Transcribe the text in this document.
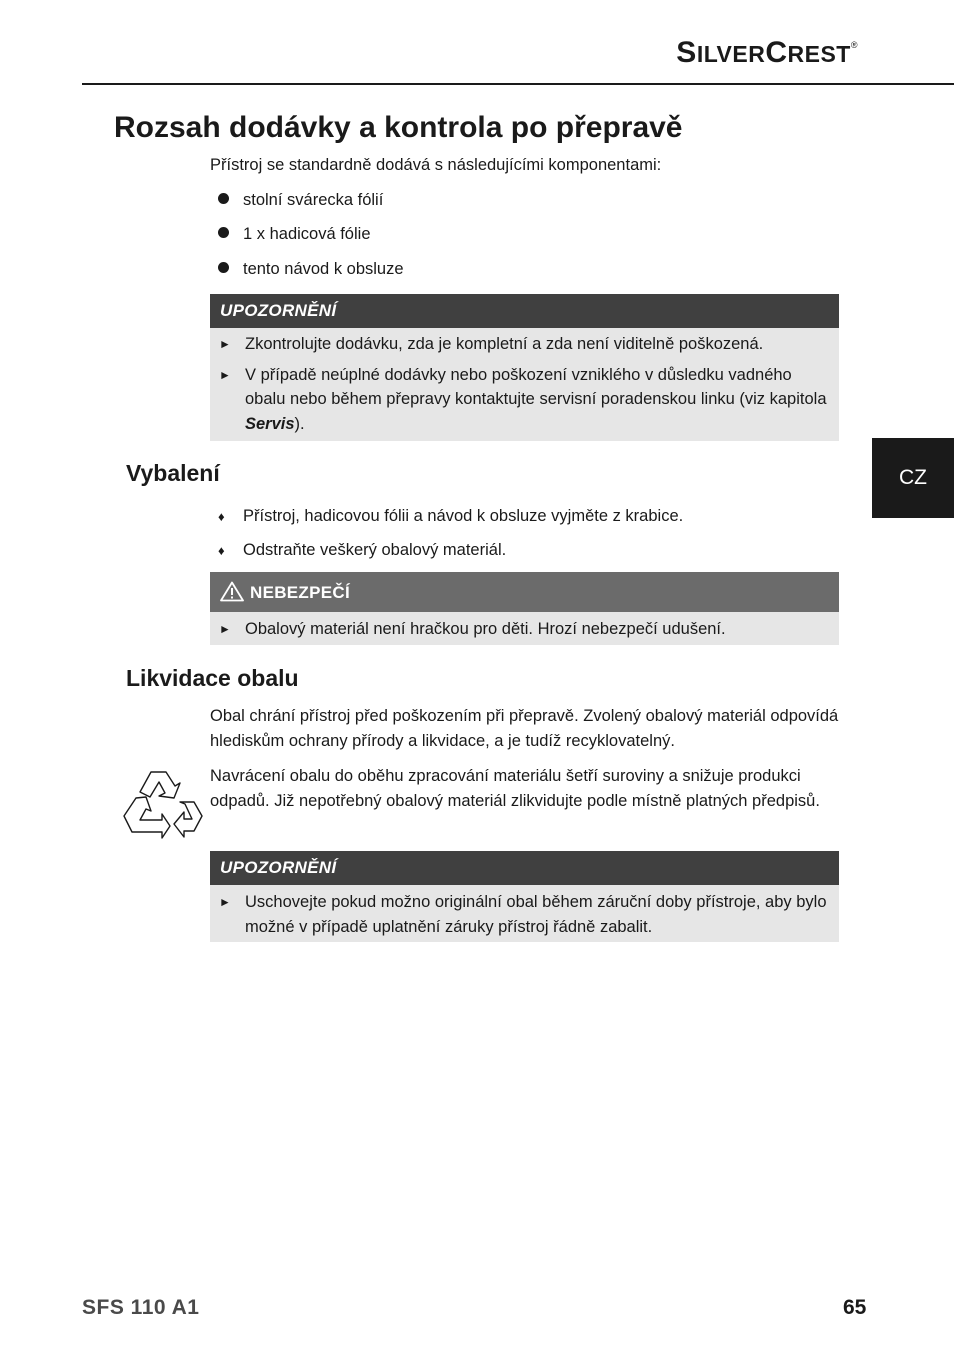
SILVERCREST®
Rozsah dodávky a kontrola po přepravě

Přístroj se standardně dodává s následujícími komponentami:

stolní svárecka fólií

1 x hadicová fólie

tento návod k obsluze

UPOZORNĚNÍ
► Zkontrolujte dodávku, zda je kompletní a zda není viditelně poškozená.
► V případě neúplné dodávky nebo poškození vzniklého v důsledku vadného obalu nebo během přepravy kontaktujte servisní poradenskou linku (viz kapitola Servis).
CZ
Vybalení

♦ Přístroj, hadicovou fólii a návod k obsluze vyjměte z krabice.

♦ Odstraňte veškerý obalový materiál.

NEBEZPEČÍ
► Obalový materiál není hračkou pro děti. Hrozí nebezpečí udušení.
Likvidace obalu

Obal chrání přístroj před poškozením při přepravě. Zvolený obalový materiál odpovídá hlediskům ochrany přírody a likvidace, a je tudíž recyklovatelný.

Navrácení obalu do oběhu zpracování materiálu šetří suroviny a snižuje produkci odpadů. Již nepotřebný obalový materiál zlikvidujte podle místně platných předpisů.

UPOZORNĚNÍ
► Uschovejte pokud možno originální obal během záruční doby přístroje, aby bylo možné v případě uplatnění záruky přístroj řádně zabalit.
SFS 110 A1	65
